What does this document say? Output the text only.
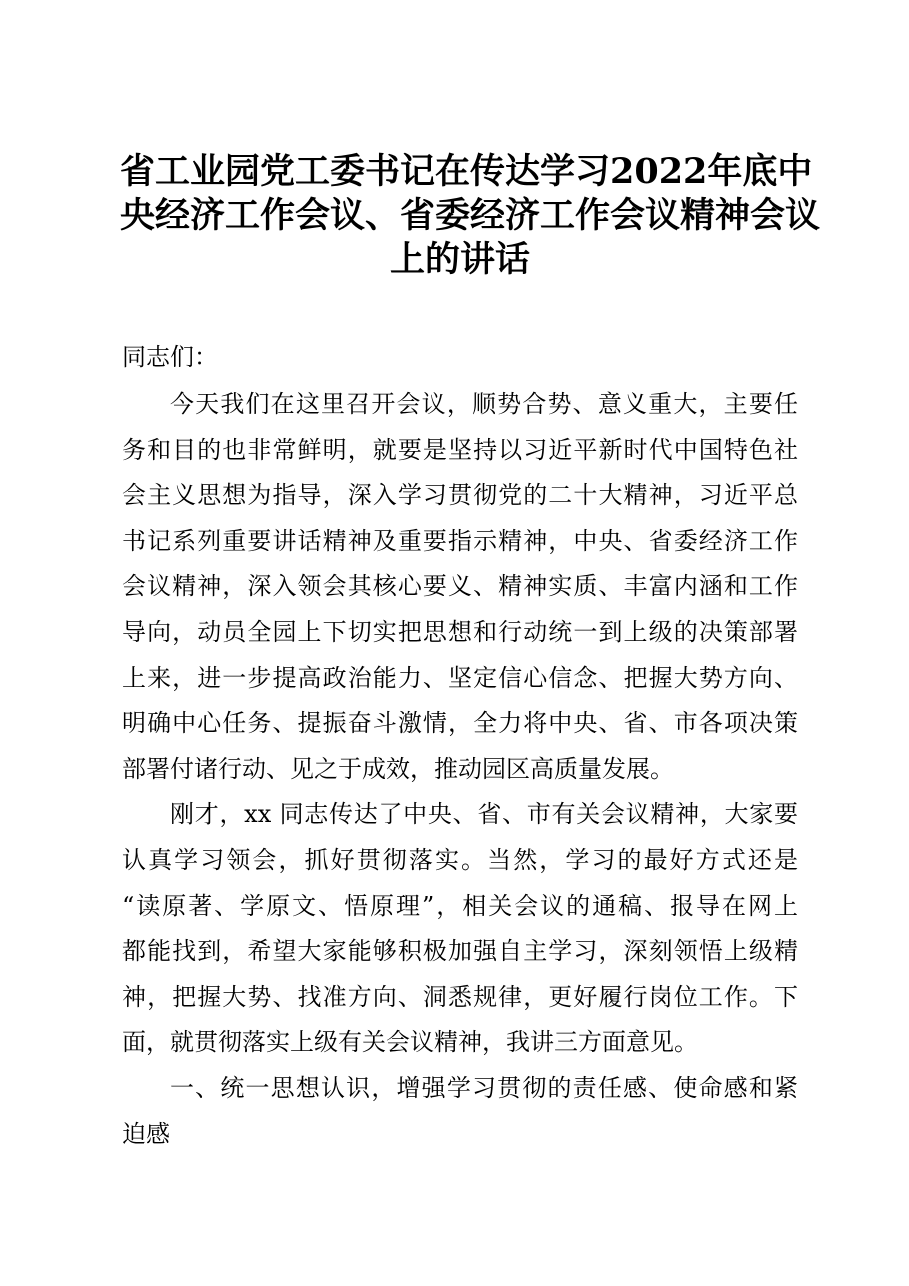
省工业园党工委书记在传达学习2022年底中
央经济工作会议、省委经济工作会议精神会议
上的讲话
同志们：

今天我们在这里召开会议，顺势合势、意义重大，主要任
务和目的也非常鲜明，就要是坚持以习近平新时代中国特色社
会主义思想为指导，深入学习贯彻党的二十大精神，习近平总
书记系列重要讲话精神及重要指示精神，中央、省委经济工作
会议精神，深入领会其核心要义、精神实质、丰富内涵和工作
导向，动员全园上下切实把思想和行动统一到上级的决策部署
上来，进一步提高政治能力、坚定信心信念、把握大势方向、
明确中心任务、提振奋斗激情，全力将中央、省、市各项决策
部署付诸行动、见之于成效，推动园区高质量发展。

刚才，xx 同志传达了中央、省、市有关会议精神，大家要
认真学习领会，抓好贯彻落实。当然，学习的最好方式还是
“读原著、学原文、悟原理”，相关会议的通稿、报导在网上
都能找到，希望大家能够积极加强自主学习，深刻领悟上级精
神，把握大势、找准方向、洞悉规律，更好履行岗位工作。下
面，就贯彻落实上级有关会议精神，我讲三方面意见。

一、统一思想认识，增强学习贯彻的责任感、使命感和紧
迫感
